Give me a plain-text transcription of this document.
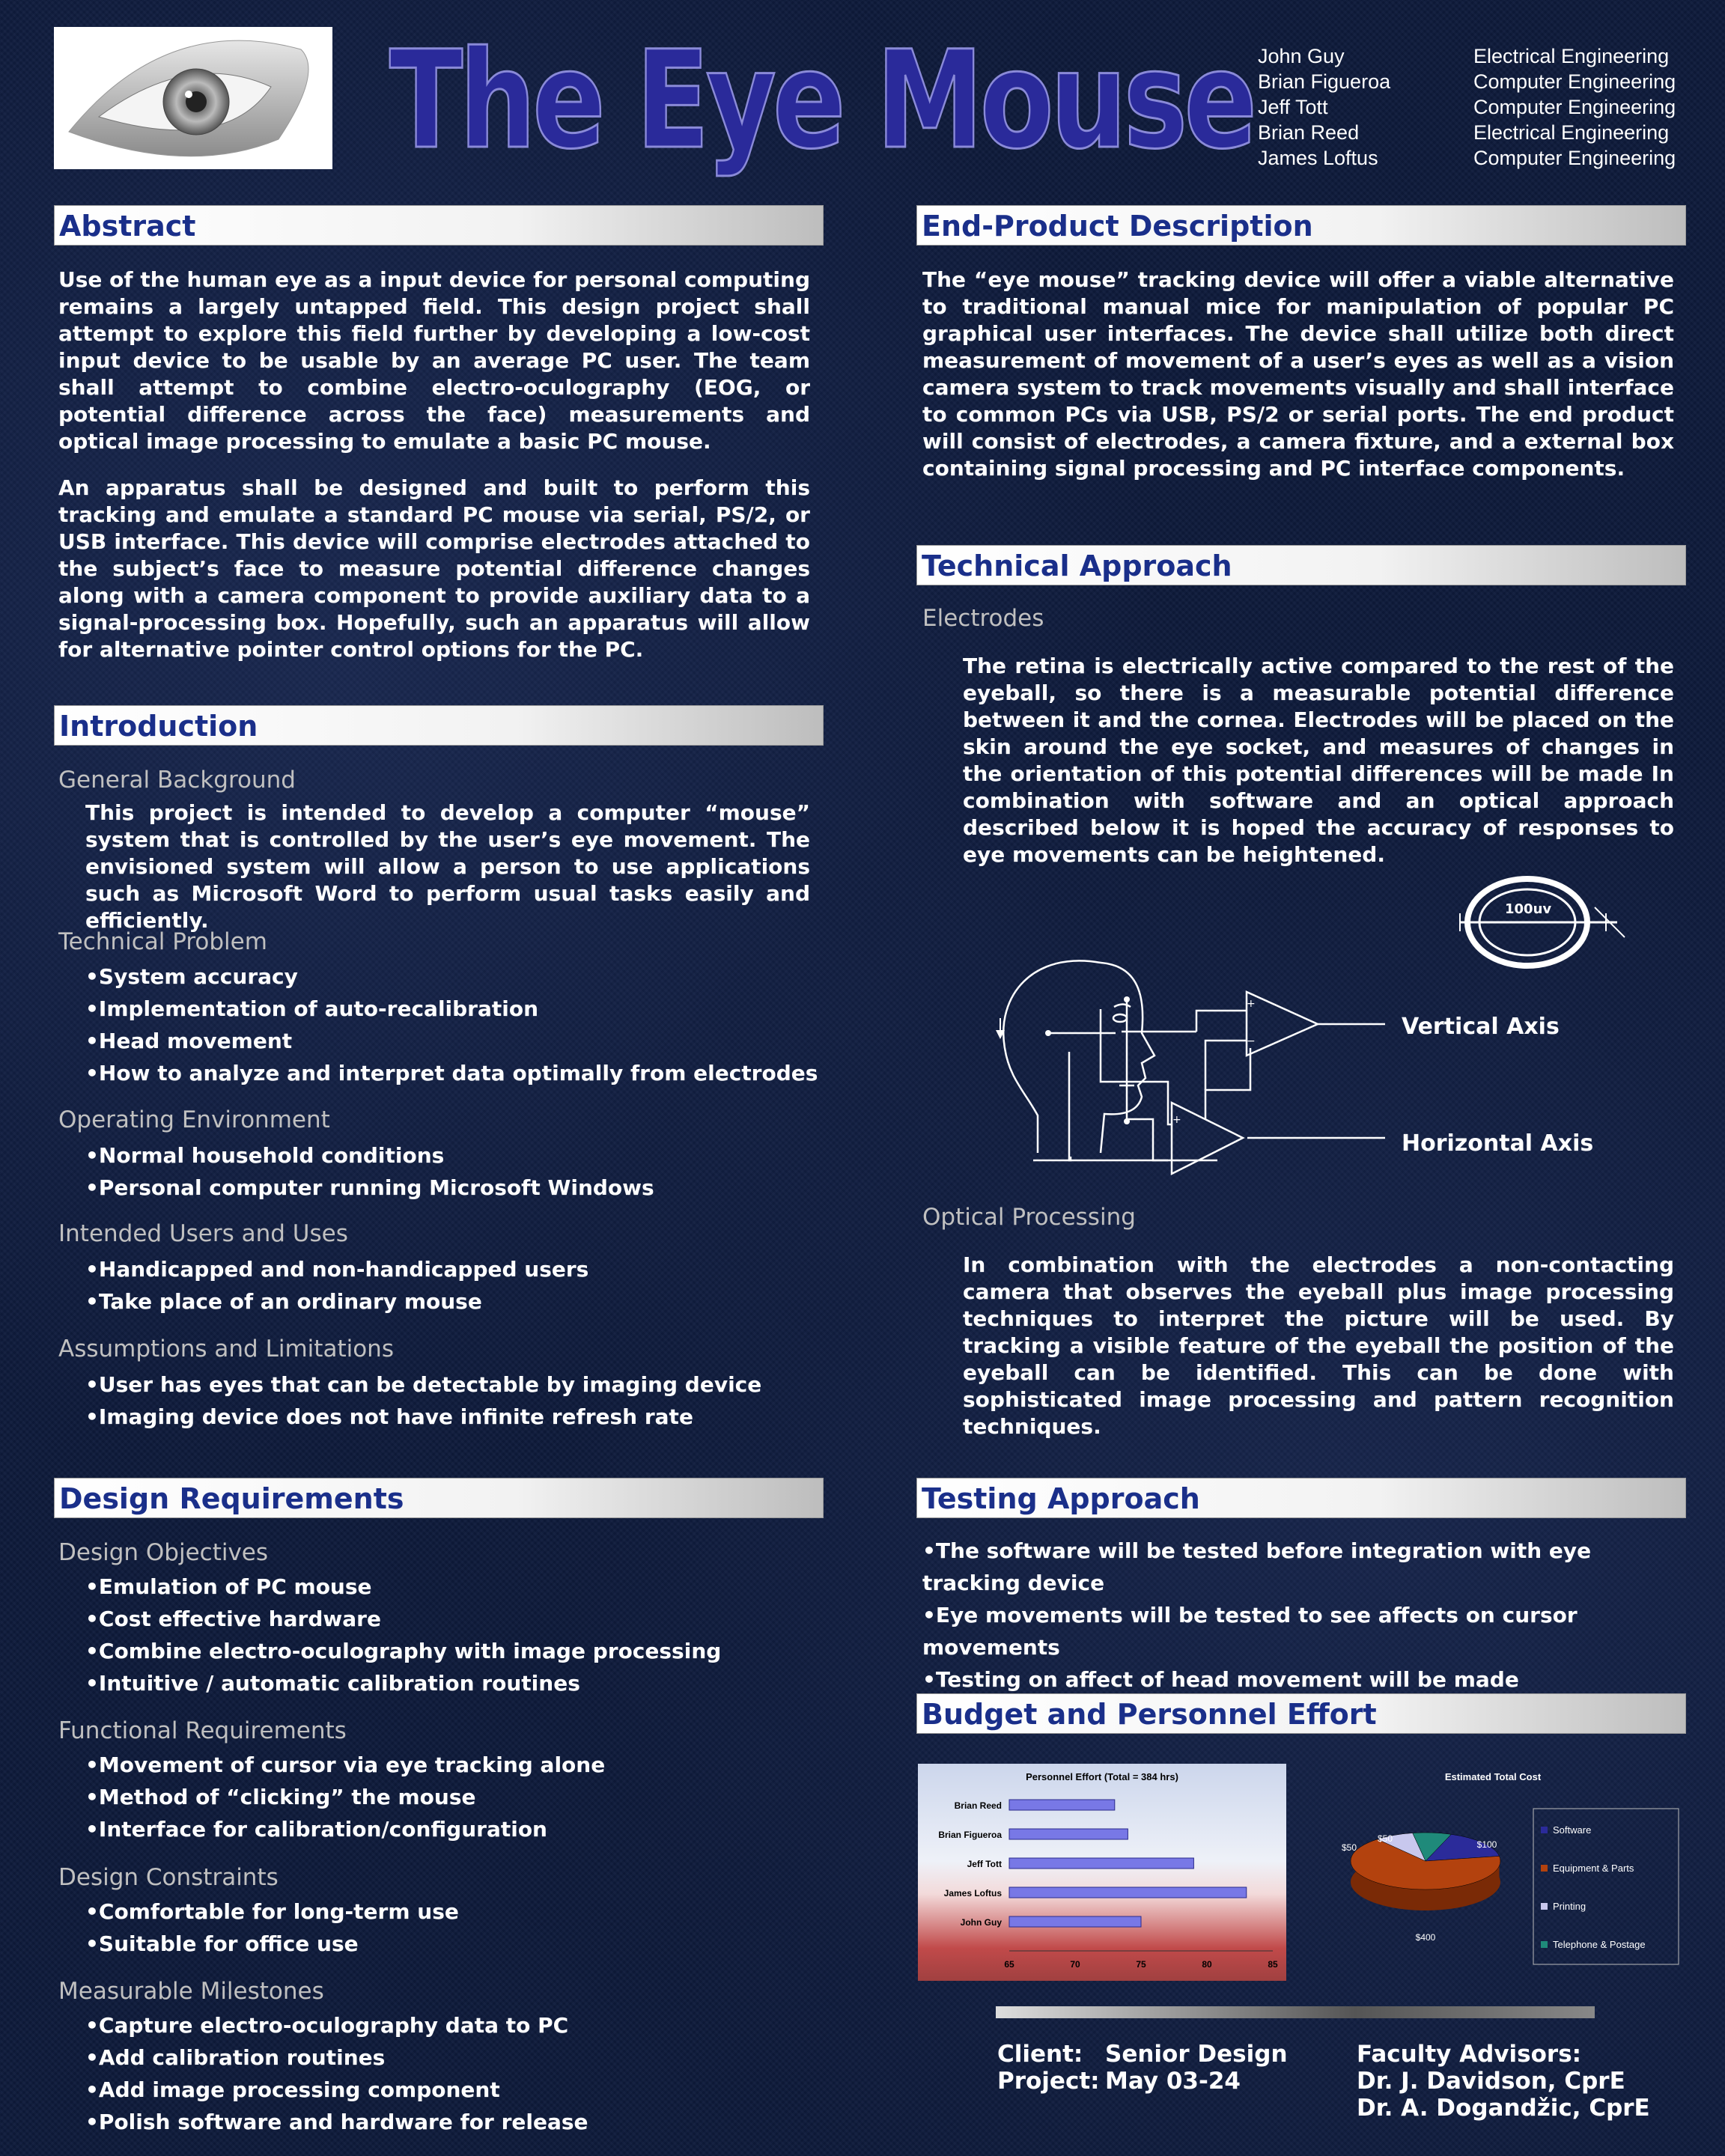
The Eye Mouse John Guy	Electrical Engineering
Brian Figueroa	Computer Engineering
Jeff Tott	Computer Engineering
Brian Reed	Electrical Engineering
James Loftus	Computer Engineering
Abstract
Use of the human eye as a input device for personal computing remains a largely untapped field. This design project shall attempt to explore this field further by developing a low-cost input device to be usable by an average PC user. The team shall attempt to combine electro-oculography (EOG, or potential difference across the face) measurements and optical image processing to emulate a basic PC mouse.
An apparatus shall be designed and built to perform this tracking and emulate a standard PC mouse via serial, PS/2, or USB interface. This device will comprise electrodes attached to the subject’s face to measure potential difference changes along with a camera component to provide auxiliary data to a signal-processing box. Hopefully, such an apparatus will allow for alternative pointer control options for the PC.
Introduction
General Background
This project is intended to develop a computer “mouse” system that is controlled by the user’s eye movement. The envisioned system will allow a person to use applications such as Microsoft Word to perform usual tasks easily and efficiently.
Technical Problem
• System accuracy
• Implementation of auto-recalibration
• Head movement
• How to analyze and interpret data optimally from electrodes
Operating Environment
• Normal household conditions
• Personal computer running Microsoft Windows
Intended Users and Uses
• Handicapped and non-handicapped users
• Take place of an ordinary mouse
Assumptions and Limitations
• User has eyes that can be detectable by imaging device
• Imaging device does not have infinite refresh rate
Design Requirements
Design Objectives
• Emulation of PC mouse
• Cost effective hardware
• Combine electro-oculography with image processing
• Intuitive / automatic calibration routines
Functional Requirements
• Movement of cursor via eye tracking alone
• Method of “clicking” the mouse
• Interface for calibration/configuration
Design Constraints
• Comfortable for long-term use
• Suitable for office use
Measurable Milestones
• Capture electro-oculography data to PC
• Add calibration routines
• Add image processing component
• Polish software and hardware for release
End-Product Description
The “eye mouse” tracking device will offer a viable alternative to traditional manual mice for manipulation of popular PC graphical user interfaces. The device shall utilize both direct measurement of movement of a user’s eyes as well as a vision camera system to track movements visually and shall interface to common PCs via USB, PS/2 or serial ports. The end product will consist of electrodes, a camera fixture, and a external box containing signal processing and PC interface components.
Technical Approach
Electrodes
The retina is electrically active compared to the rest of the eyeball, so there is a measurable potential difference between it and the cornea. Electrodes will be placed on the skin around the eye socket, and measures of changes in the orientation of this potential differences will be made In combination with software and an optical approach described below it is hoped the accuracy of responses to eye movements can be heightened.
100uv
+
−
+
−
Vertical Axis
Horizontal Axis
Optical Processing
In combination with the electrodes a non-contacting camera that observes the eyeball plus image processing techniques to interpret the picture will be used. By tracking a visible feature of the eyeball the position of the eyeball can be identified. This can be done with sophisticated image processing and pattern recognition techniques.
Testing Approach
• The software will be tested before integration with eye tracking device
• Eye movements will be tested to see affects on cursor movements
• Testing on affect of head movement will be made
Budget and Personnel Effort
Personnel Effort (Total = 384 hrs)
Brian Reed
Brian Figueroa
Jeff Tott
James Loftus
John Guy
65	70	75	80	85
Estimated Total Cost
$100
$400
$50
$50
Software
Equipment & Parts
Printing
Telephone & Postage
Client: Senior Design
Project: May 03-24
Faculty Advisors:
Dr. J. Davidson, CprE
Dr. A. Dogandžic, CprE
